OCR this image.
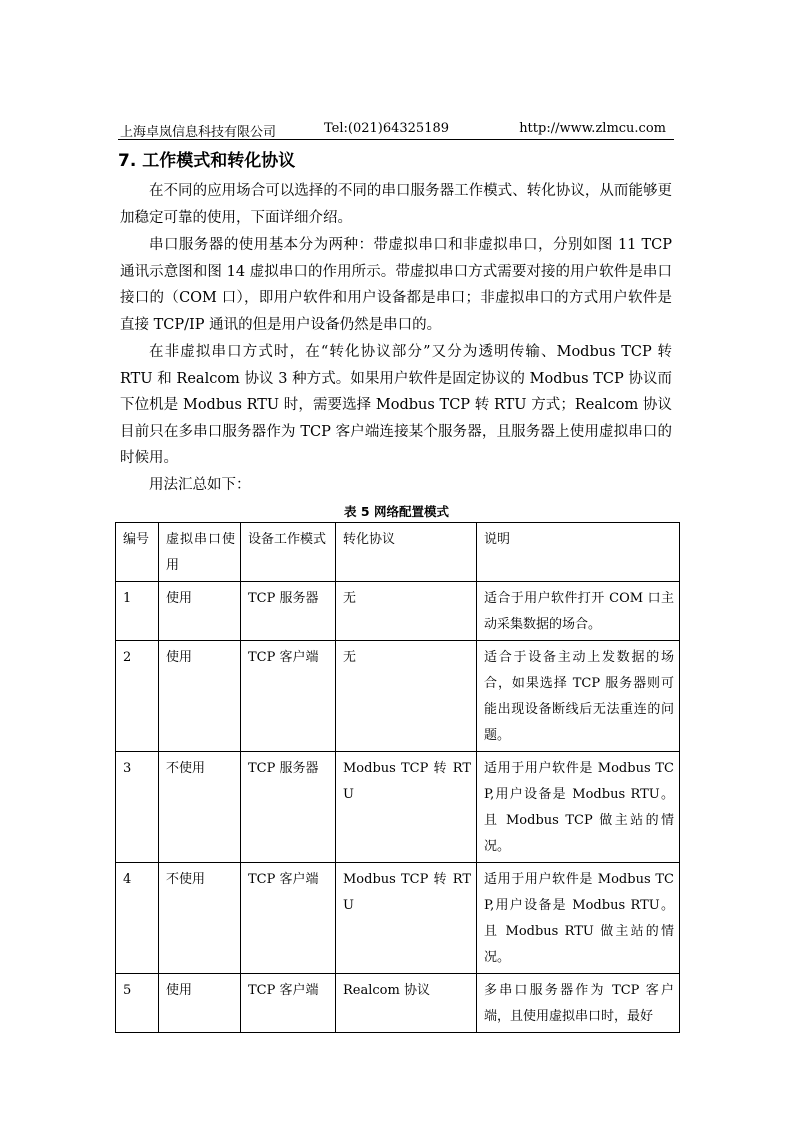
上海卓岚信息科技有限公司	Tel:(021)64325189	http://www.zlmcu.com
7. 工作模式和转化协议

在不同的应用场合可以选择的不同的串口服务器工作模式、转化协议，从而能够更加稳定可靠的使用，下面详细介绍。

串口服务器的使用基本分为两种：带虚拟串口和非虚拟串口，分别如图 11 TCP 通讯示意图和图 14 虚拟串口的作用所示。带虚拟串口方式需要对接的用户软件是串口接口的（COM 口），即用户软件和用户设备都是串口；非虚拟串口的方式用户软件是直接 TCP/IP 通讯的但是用户设备仍然是串口的。

在非虚拟串口方式时，在“转化协议部分”又分为透明传输、Modbus TCP 转 RTU 和 Realcom 协议 3 种方式。如果用户软件是固定协议的 Modbus TCP 协议而下位机是 Modbus RTU 时，需要选择 Modbus TCP 转 RTU 方式；Realcom 协议目前只在多串口服务器作为 TCP 客户端连接某个服务器，且服务器上使用虚拟串口的时候用。

用法汇总如下：

表 5 网络配置模式
编号	虚拟串口使用	设备工作模式	转化协议	说明
1	使用	TCP 服务器	无	适合于用户软件打开 COM 口主动采集数据的场合。
2	使用	TCP 客户端	无	适合于设备主动上发数据的场合，如果选择 TCP 服务器则可能出现设备断线后无法重连的问题。
3	不使用	TCP 服务器	Modbus TCP 转 RTU	适用于用户软件是 Modbus TCP,用户设备是 Modbus RTU。且 Modbus TCP 做主站的情况。
4	不使用	TCP 客户端	Modbus TCP 转 RTU	适用于用户软件是 Modbus TCP,用户设备是 Modbus RTU。且 Modbus RTU 做主站的情况。
5	使用	TCP 客户端	Realcom 协议	多串口服务器作为 TCP 客户端，且使用虚拟串口时，最好
